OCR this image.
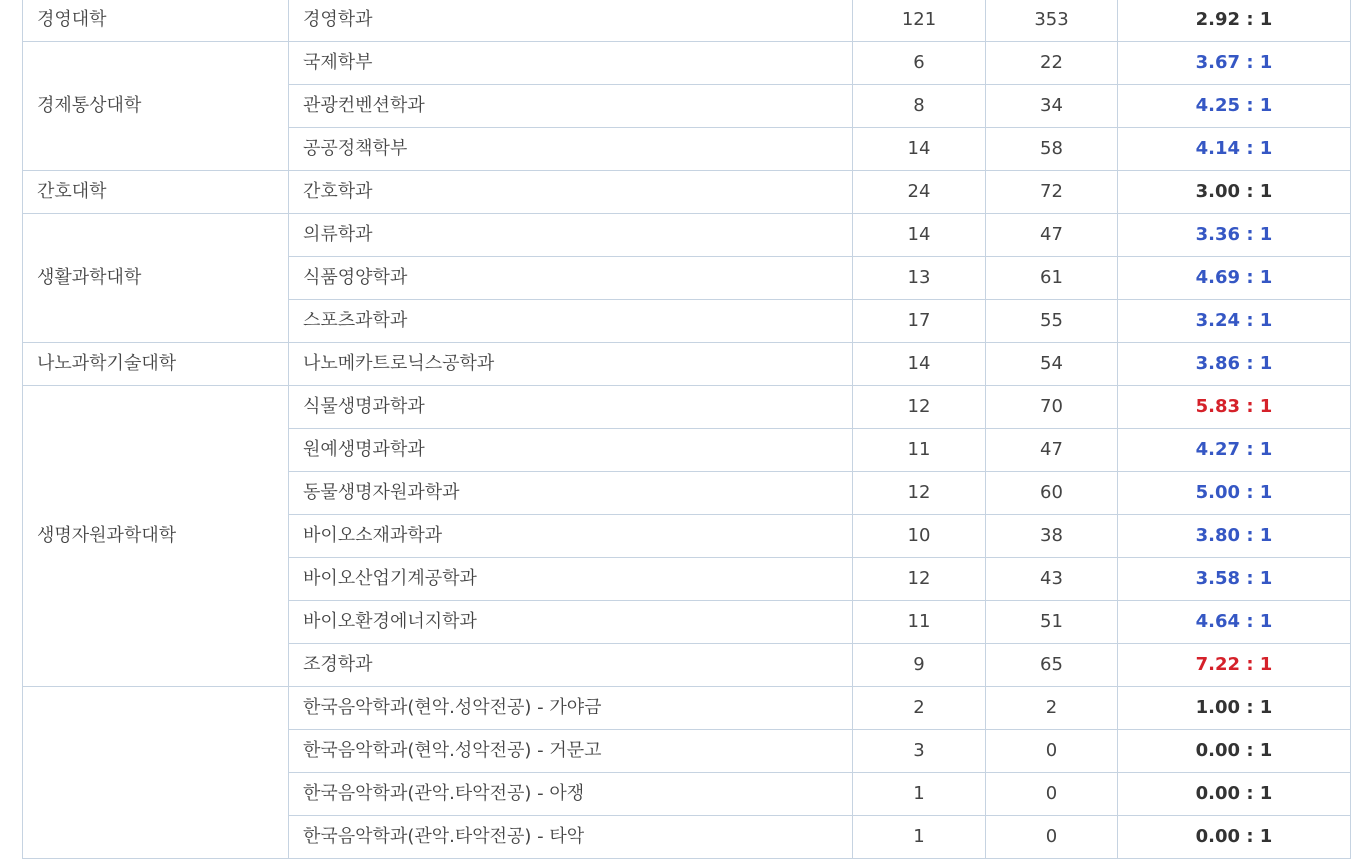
경영대학	경영학과	121	353	2.92 : 1
경제통상대학	국제학부	6	22	3.67 : 1
	관광컨벤션학과	8	34	4.25 : 1
	공공정책학부	14	58	4.14 : 1
간호대학	간호학과	24	72	3.00 : 1
생활과학대학	의류학과	14	47	3.36 : 1
	식품영양학과	13	61	4.69 : 1
	스포츠과학과	17	55	3.24 : 1
나노과학기술대학	나노메카트로닉스공학과	14	54	3.86 : 1
생명자원과학대학	식물생명과학과	12	70	5.83 : 1
	원예생명과학과	11	47	4.27 : 1
	동물생명자원과학과	12	60	5.00 : 1
	바이오소재과학과	10	38	3.80 : 1
	바이오산업기계공학과	12	43	3.58 : 1
	바이오환경에너지학과	11	51	4.64 : 1
	조경학과	9	65	7.22 : 1
	한국음악학과(현악.성악전공) - 가야금	2	2	1.00 : 1
	한국음악학과(현악.성악전공) - 거문고	3	0	0.00 : 1
	한국음악학과(관악.타악전공) - 아쟁	1	0	0.00 : 1
	한국음악학과(관악.타악전공) - 타악	1	0	0.00 : 1
